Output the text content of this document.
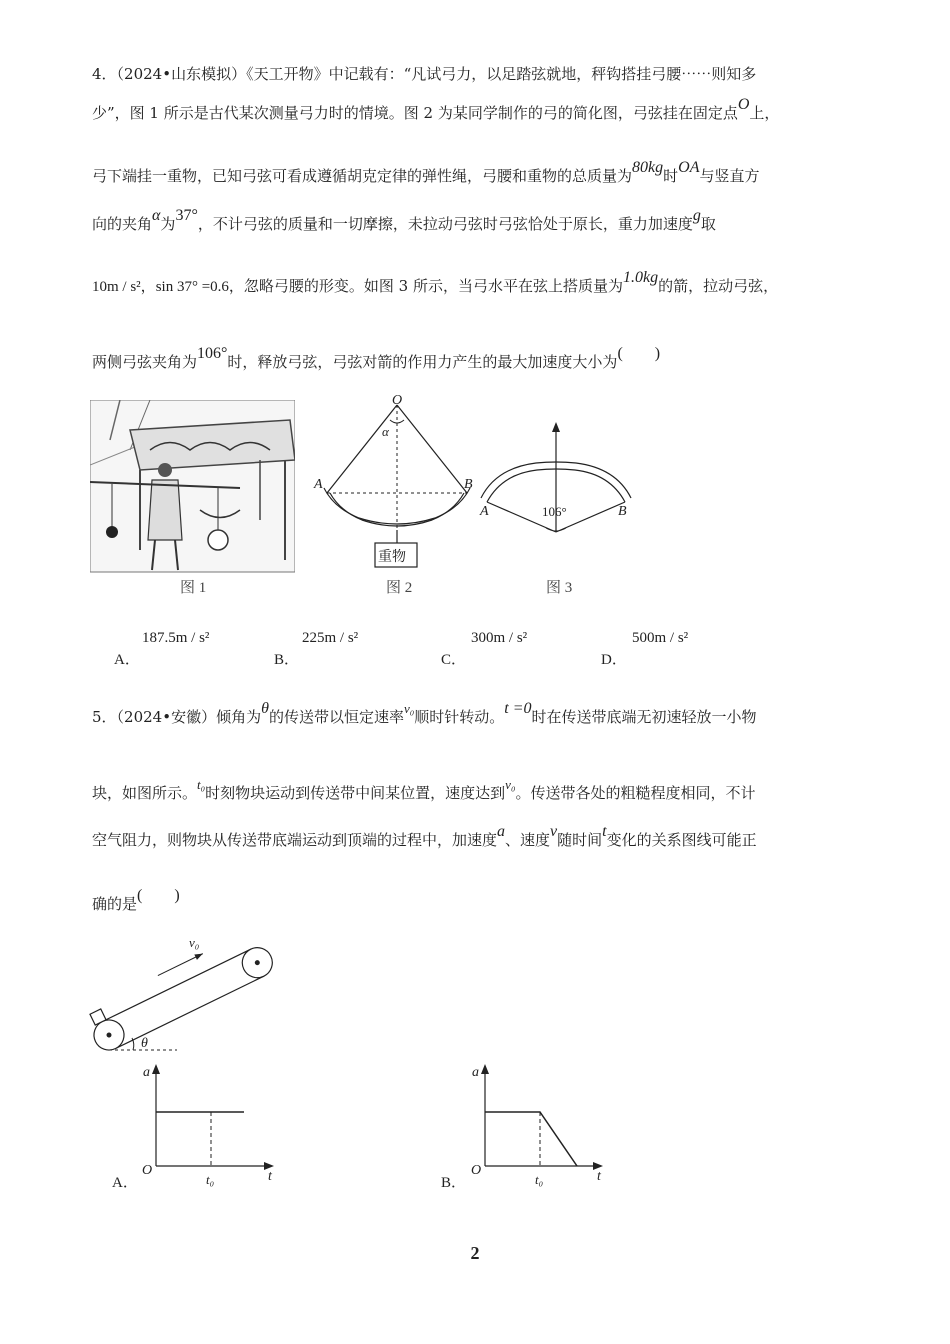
4．（2024•山东模拟）《天工开物》中记载有：“凡试弓力，以足踏弦就地，秤钩搭挂弓腰⋯⋯则知多
少”，图 1 所示是古代某次测量弓力时的情境。图 2 为某同学制作的弓的简化图，弓弦挂在固定点O上，
弓下端挂一重物，已知弓弦可看成遵循胡克定律的弹性绳，弓腰和重物的总质量为80kg时OA与竖直方
向的夹角α为37°，不计弓弦的质量和一切摩擦，未拉动弓弦时弓弦恰处于原长，重力加速度g取
10m / s²，sin 37° =0.6，忽略弓腰的形变。如图 3 所示，当弓水平在弦上搭质量为1.0kg的箭，拉动弓弦，
两侧弓弦夹角为106°时，释放弓弦，弓弦对箭的作用力产生的最大加速度大小为(　　)
图 1
O
α
A	B
重物
图 2
A	B
106°
图 3
A．
187.5m / s²
B．
225m / s²
C．
300m / s²
D．
500m / s²
5．（2024•安徽）倾角为θ的传送带以恒定速率v₀顺时针转动。t =0时在传送带底端无初速轻放一小物
块，如图所示。t₀时刻物块运动到传送带中间某位置，速度达到v₀。传送带各处的粗糙程度相同，不计
空气阻力，则物块从传送带底端运动到顶端的过程中，加速度a、速度v随时间t变化的关系图线可能正
确的是(　　)
v₀
θ
a
O
t₀	t
A．
a
O
t₀	t
B．
2
